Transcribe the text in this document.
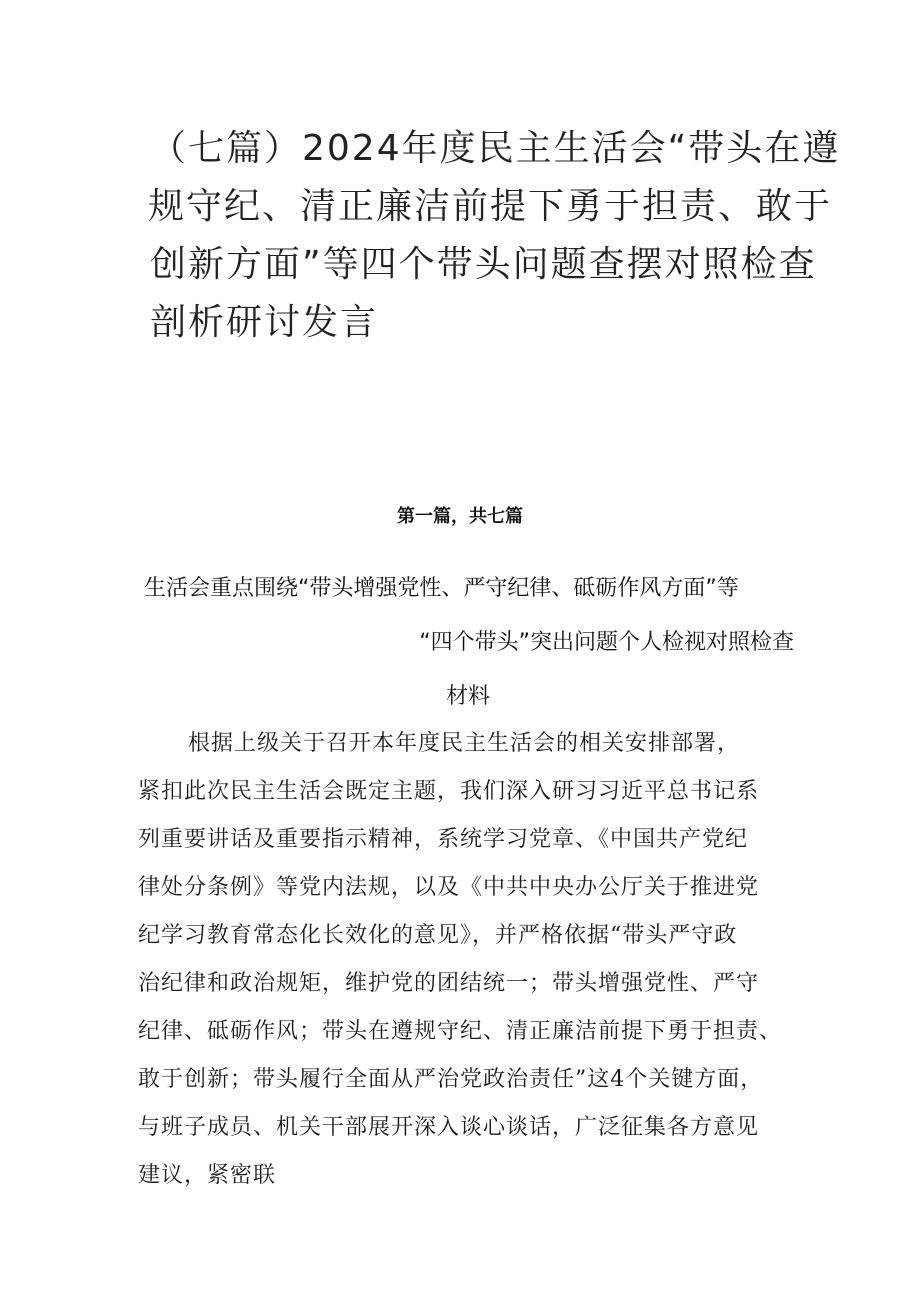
（七篇）2024年度民主生活会“带头在遵
规守纪、清正廉洁前提下勇于担责、敢于
创新方面”等四个带头问题查摆对照检查
剖析研讨发言
第一篇，共七篇
生活会重点围绕“带头增强党性、严守纪律、砥砺作风方面”等
“四个带头”突出问题个人检视对照检查
材料
根据上级关于召开本年度民主生活会的相关安排部署，
紧扣此次民主生活会既定主题，我们深入研习习近平总书记系
列重要讲话及重要指示精神，系统学习党章、《中国共产党纪
律处分条例》等党内法规，以及《中共中央办公厅关于推进党
纪学习教育常态化长效化的意见》，并严格依据“带头严守政
治纪律和政治规矩，维护党的团结统一；带头增强党性、严守
纪律、砥砺作风；带头在遵规守纪、清正廉洁前提下勇于担责、
敢于创新；带头履行全面从严治党政治责任”这4个关键方面，
与班子成员、机关干部展开深入谈心谈话，广泛征集各方意见
建议，紧密联
